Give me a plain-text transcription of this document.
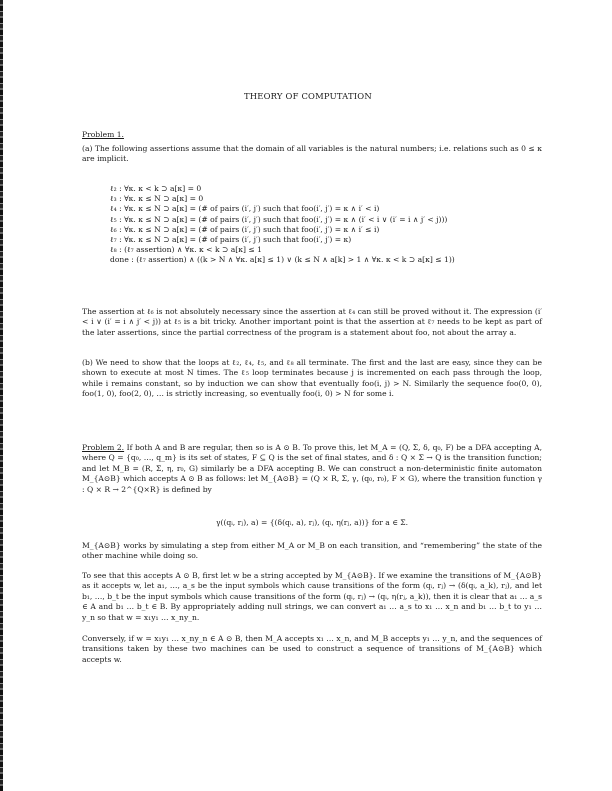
THEORY OF COMPUTATION
Problem 1.
(a) The following assertions assume that the domain of all variables is the natural numbers; i.e. relations such as 0 ≤ κ are implicit.
ℓ₂ : ∀κ. κ < k ⊃ a[κ] = 0
ℓ₃ : ∀κ. κ ≤ N ⊃ a[κ] = 0
ℓ₄ : ∀κ. κ ≤ N ⊃ a[κ] = (# of pairs (i′, j′) such that foo(i′, j′) = κ ∧ i′ < i)
ℓ₅ : ∀κ. κ ≤ N ⊃ a[κ] = (# of pairs (i′, j′) such that foo(i′, j′) = κ ∧ (i′ < i ∨ (i′ = i ∧ j′ < j)))
ℓ₆ : ∀κ. κ ≤ N ⊃ a[κ] = (# of pairs (i′, j′) such that foo(i′, j′) = κ ∧ i′ ≤ i)
ℓ₇ : ∀κ. κ ≤ N ⊃ a[κ] = (# of pairs (i′, j′) such that foo(i′, j′) = κ)
ℓ₈ : (ℓ₇ assertion) ∧ ∀κ. κ < k ⊃ a[κ] ≤ 1
done : (ℓ₇ assertion) ∧ ((k > N ∧ ∀κ. a[κ] ≤ 1) ∨ (k ≤ N ∧ a[k] > 1 ∧ ∀κ. κ < k ⊃ a[κ] ≤ 1))
The assertion at ℓ₆ is not absolutely necessary since the assertion at ℓ₄ can still be proved without it. The expression (i′ < i ∨ (i′ = i ∧ j′ < j)) at ℓ₅ is a bit tricky. Another important point is that the assertion at ℓ₇ needs to be kept as part of the later assertions, since the partial correctness of the program is a statement about foo, not about the array a.
(b) We need to show that the loops at ℓ₂, ℓ₄, ℓ₅, and ℓ₈ all terminate. The first and the last are easy, since they can be shown to execute at most N times. The ℓ₅ loop terminates because j is incremented on each pass through the loop, while i remains constant, so by induction we can show that eventually foo(i, j) > N. Similarly the sequence foo(0, 0), foo(1, 0), foo(2, 0), … is strictly increasing, so eventually foo(i, 0) > N for some i.
Problem 2. If both A and B are regular, then so is A ⊙ B. To prove this, let M_A = (Q, Σ, δ, q₀, F) be a DFA accepting A, where Q = {q₀, …, q_m} is its set of states, F ⊆ Q is the set of final states, and δ : Q × Σ → Q is the transition function; and let M_B = (R, Σ, η, r₀, G) similarly be a DFA accepting B. We can construct a non-deterministic finite automaton M_{A⊙B} which accepts A ⊙ B as follows: let M_{A⊙B} = (Q × R, Σ, γ, (q₀, r₀), F × G), where the transition function γ : Q × R → 2^{Q×R} is defined by
γ((qᵢ, rⱼ), a) = {(δ(qᵢ, a), rⱼ), (qᵢ, η(rⱼ, a))} for a ∈ Σ.
M_{A⊙B} works by simulating a step from either M_A or M_B on each transition, and “remembering” the state of the other machine while doing so.
To see that this accepts A ⊙ B, first let w be a string accepted by M_{A⊙B}. If we examine the transitions of M_{A⊙B} as it accepts w, let a₁, …, a_s be the input symbols which cause transitions of the form (qᵢ, rⱼ) → (δ(qᵢ, a_k), rⱼ), and let b₁, …, b_t be the input symbols which cause transitions of the form (qᵢ, rⱼ) → (qᵢ, η(rⱼ, a_k)), then it is clear that a₁ … a_s ∈ A and b₁ … b_t ∈ B. By appropriately adding null strings, we can convert a₁ … a_s to x₁ … x_n and b₁ … b_t to y₁ … y_n so that w = x₁y₁ … x_ny_n.
Conversely, if w = x₁y₁ … x_ny_n ∈ A ⊙ B, then M_A accepts x₁ … x_n, and M_B accepts y₁ … y_n, and the sequences of transitions taken by these two machines can be used to construct a sequence of transitions of M_{A⊙B} which accepts w.
